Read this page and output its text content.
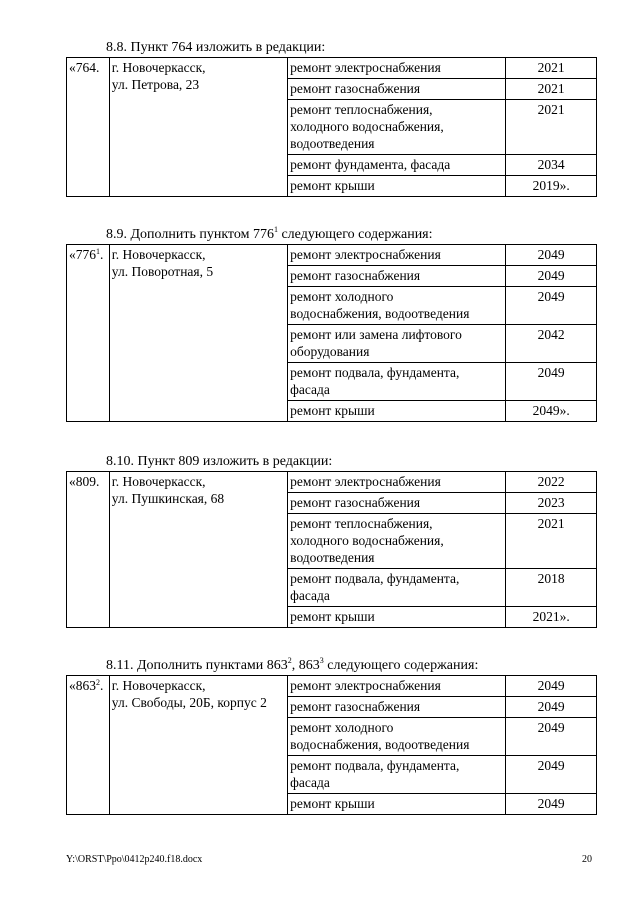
8.8. Пункт 764 изложить в редакции:
«764.	г. Новочеркасск,
ул. Петрова, 23	ремонт электроснабжения	2021

		ремонт газоснабжения	2021

		ремонт теплоснабжения,
холодного водоснабжения,
водоотведения	2021

		ремонт фундамента, фасада	2034

		ремонт крыши	2019».
8.9. Дополнить пунктом $776^1$ следующего содержания:
«$776^1$.	г. Новочеркасск,
ул. Поворотная, 5	ремонт электроснабжения	2049

		ремонт газоснабжения	2049

		ремонт холодного
водоснабжения, водоотведения	2049

		ремонт или замена лифтового
оборудования	2042

		ремонт подвала, фундамента,
фасада	2049

		ремонт крыши	2049».
8.10. Пункт 809 изложить в редакции:
«809.	г. Новочеркасск,
ул. Пушкинская, 68	ремонт электроснабжения	2022

		ремонт газоснабжения	2023

		ремонт теплоснабжения,
холодного водоснабжения,
водоотведения	2021

		ремонт подвала, фундамента,
фасада	2018

		ремонт крыши	2021».
8.11. Дополнить пунктами $863^2$, $863^3$ следующего содержания:
«$863^2$.	г. Новочеркасск,
ул. Свободы, 20Б, корпус 2	ремонт электроснабжения	2049

		ремонт газоснабжения	2049

		ремонт холодного
водоснабжения, водоотведения	2049

		ремонт подвала, фундамента,
фасада	2049

		ремонт крыши	2049
Y:\ORST\Ppo\0412p240.f18.docx	20
